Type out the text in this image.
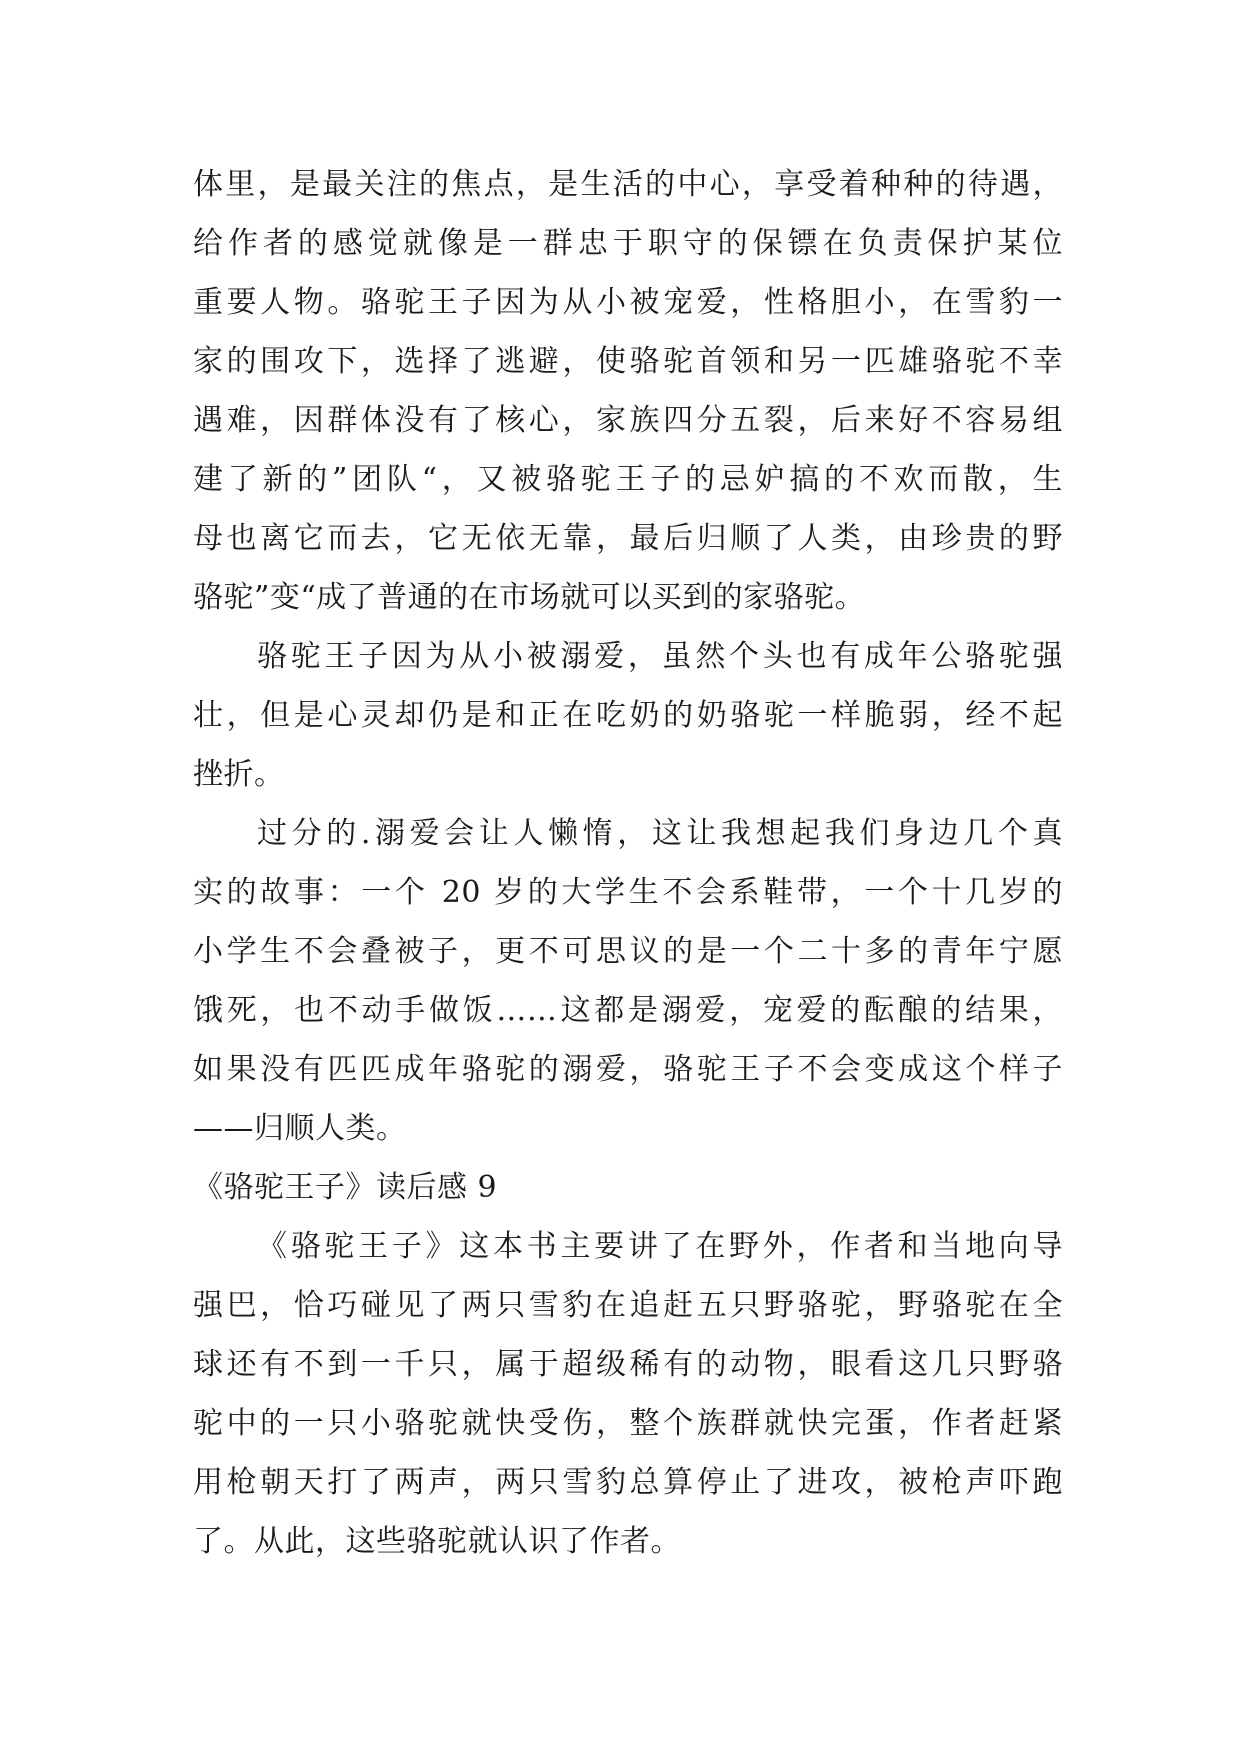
体里，是最关注的焦点，是生活的中心，享受着种种的待遇，
给作者的感觉就像是一群忠于职守的保镖在负责保护某位
重要人物。骆驼王子因为从小被宠爱，性格胆小，在雪豹一
家的围攻下，选择了逃避，使骆驼首领和另一匹雄骆驼不幸
遇难，因群体没有了核心，家族四分五裂，后来好不容易组
建了新的”团队“，又被骆驼王子的忌妒搞的不欢而散，生
母也离它而去，它无依无靠，最后归顺了人类，由珍贵的野
骆驼”变“成了普通的在市场就可以买到的家骆驼。
骆驼王子因为从小被溺爱，虽然个头也有成年公骆驼强
壮，但是心灵却仍是和正在吃奶的奶骆驼一样脆弱，经不起
挫折。
过分的.溺爱会让人懒惰，这让我想起我们身边几个真
实的故事：一个 20 岁的大学生不会系鞋带，一个十几岁的
小学生不会叠被子，更不可思议的是一个二十多的青年宁愿
饿死，也不动手做饭……这都是溺爱，宠爱的酝酿的结果，
如果没有匹匹成年骆驼的溺爱，骆驼王子不会变成这个样子
——归顺人类。
《骆驼王子》读后感 9
《骆驼王子》这本书主要讲了在野外，作者和当地向导
强巴，恰巧碰见了两只雪豹在追赶五只野骆驼，野骆驼在全
球还有不到一千只，属于超级稀有的动物，眼看这几只野骆
驼中的一只小骆驼就快受伤，整个族群就快完蛋，作者赶紧
用枪朝天打了两声，两只雪豹总算停止了进攻，被枪声吓跑
了。从此，这些骆驼就认识了作者。
